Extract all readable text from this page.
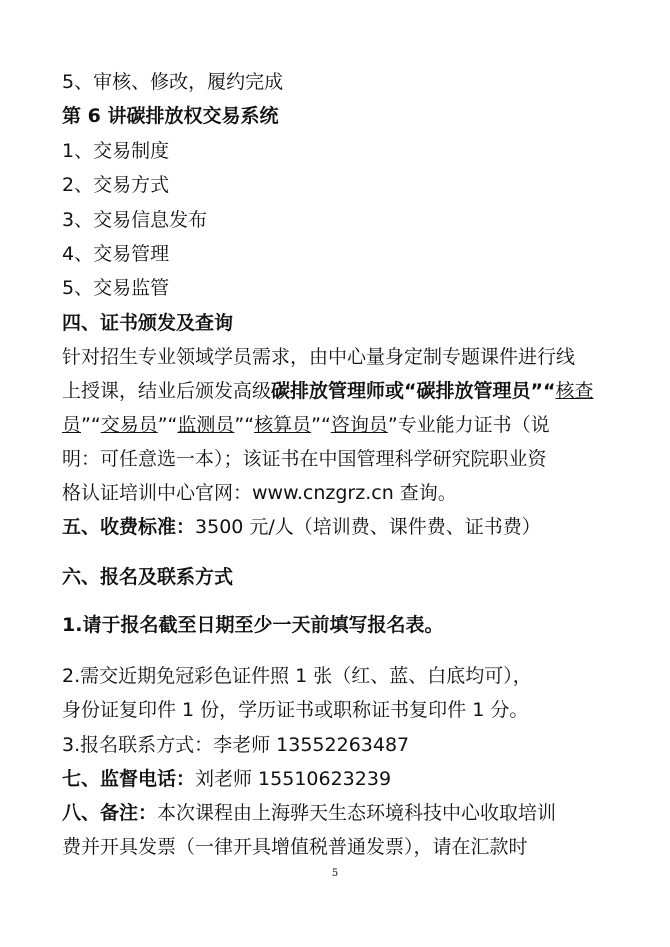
5、审核、修改，履约完成
第 6 讲碳排放权交易系统
1、交易制度
2、交易方式
3、交易信息发布
4、交易管理
5、交易监管
四、证书颁发及查询
针对招生专业领域学员需求，由中心量身定制专题课件进行线
上授课，结业后颁发高级碳排放管理师或“碳排放管理员”“核查
员”“交易员”“监测员”“核算员”“咨询员”专业能力证书（说
明：可任意选一本）；该证书在中国管理科学研究院职业资
格认证培训中心官网：www.cnzgrz.cn 查询。
五、收费标准：3500 元/人（培训费、课件费、证书费）
六、报名及联系方式
1.请于报名截至日期至少一天前填写报名表。
2.需交近期免冠彩色证件照 1 张（红、蓝、白底均可），
身份证复印件 1 份，学历证书或职称证书复印件 1 分。
3.报名联系方式：李老师 13552263487
七、监督电话：刘老师 15510623239
八、备注：本次课程由上海骅天生态环境科技中心收取培训
费并开具发票（一律开具增值税普通发票），请在汇款时
5
